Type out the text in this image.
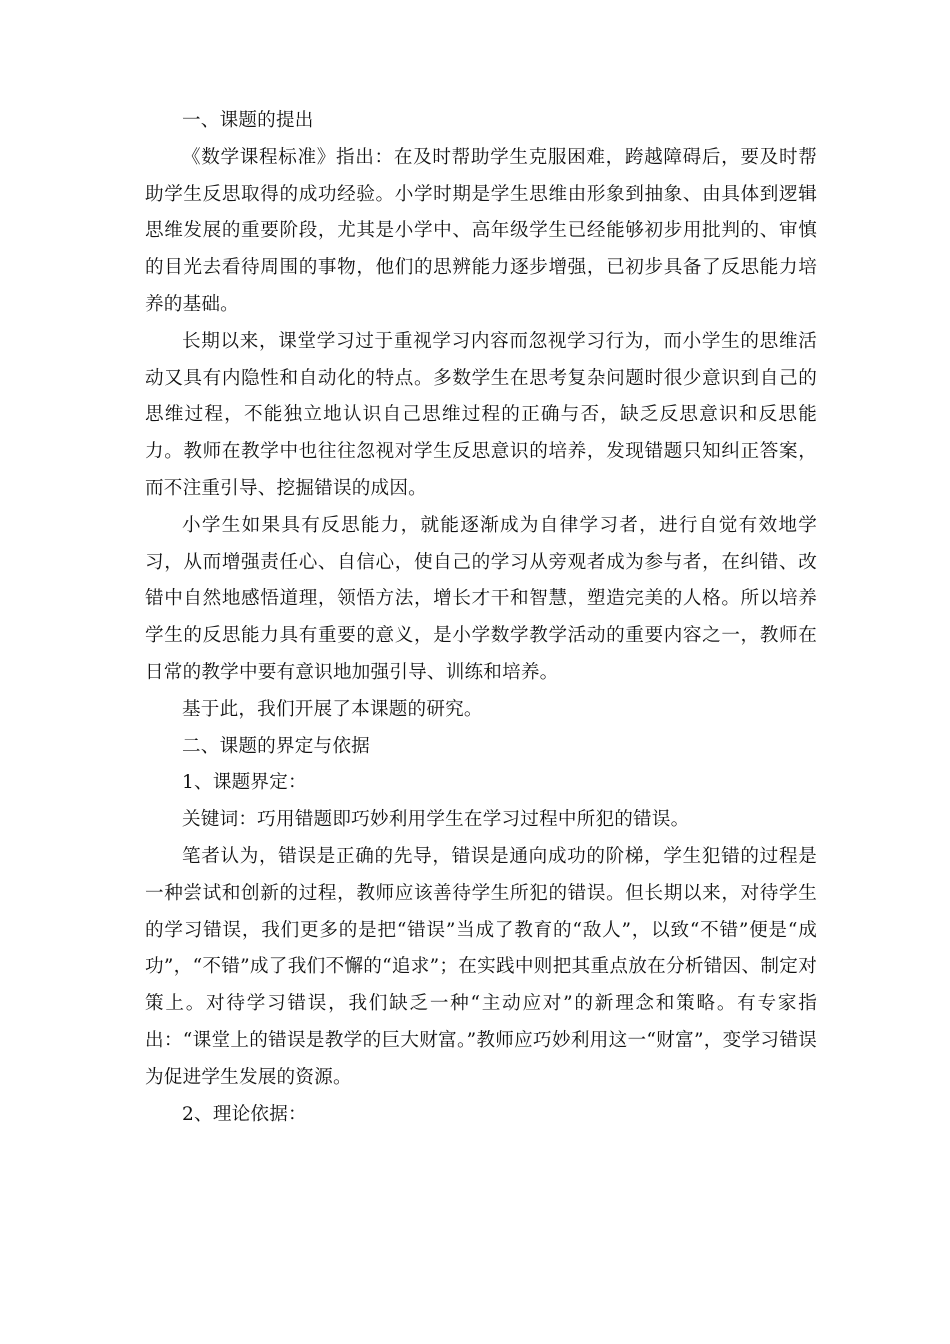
一、课题的提出

《数学课程标准》指出：在及时帮助学生克服困难，跨越障碍后，要及时帮助学生反思取得的成功经验。小学时期是学生思维由形象到抽象、由具体到逻辑思维发展的重要阶段，尤其是小学中、高年级学生已经能够初步用批判的、审慎的目光去看待周围的事物，他们的思辨能力逐步增强，已初步具备了反思能力培养的基础。

长期以来，课堂学习过于重视学习内容而忽视学习行为，而小学生的思维活动又具有内隐性和自动化的特点。多数学生在思考复杂问题时很少意识到自己的思维过程，不能独立地认识自己思维过程的正确与否，缺乏反思意识和反思能力。教师在教学中也往往忽视对学生反思意识的培养，发现错题只知纠正答案，而不注重引导、挖掘错误的成因。

小学生如果具有反思能力，就能逐渐成为自律学习者，进行自觉有效地学习，从而增强责任心、自信心，使自己的学习从旁观者成为参与者，在纠错、改错中自然地感悟道理，领悟方法，增长才干和智慧，塑造完美的人格。所以培养学生的反思能力具有重要的意义，是小学数学教学活动的重要内容之一，教师在日常的教学中要有意识地加强引导、训练和培养。

基于此，我们开展了本课题的研究。

二、课题的界定与依据

1、课题界定：

关键词：巧用错题即巧妙利用学生在学习过程中所犯的错误。

笔者认为，错误是正确的先导，错误是通向成功的阶梯，学生犯错的过程是一种尝试和创新的过程，教师应该善待学生所犯的错误。但长期以来，对待学生的学习错误，我们更多的是把“错误”当成了教育的“敌人”，以致“不错”便是“成功”，“不错”成了我们不懈的“追求”；在实践中则把其重点放在分析错因、制定对策上。对待学习错误，我们缺乏一种“主动应对”的新理念和策略。有专家指出：“课堂上的错误是教学的巨大财富。”教师应巧妙利用这一“财富”，变学习错误为促进学生发展的资源。

2、理论依据：
